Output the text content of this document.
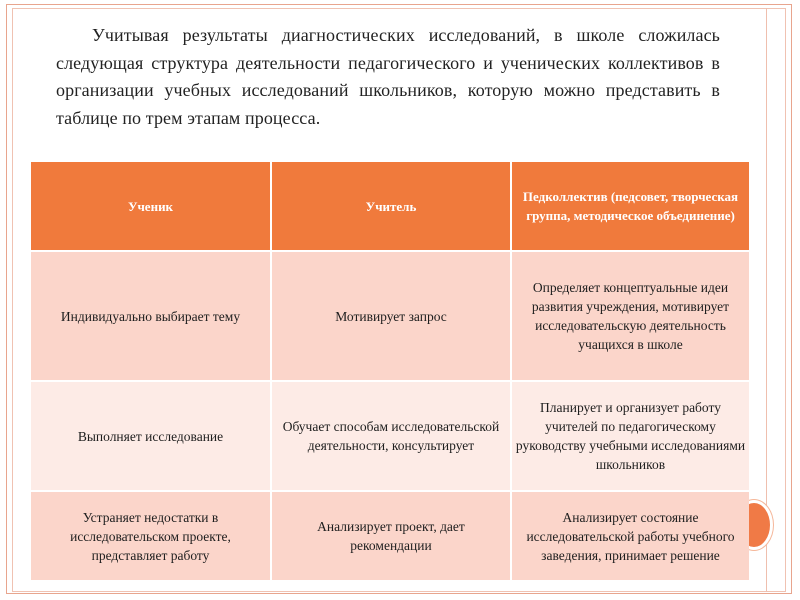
Учитывая результаты диагностических исследований, в школе сложилась следующая структура деятельности педагогического и ученических коллективов в организации учебных исследований школьников, которую можно представить в таблице по трем этапам процесса.

Ученик	Учитель	Педколлектив (педсовет, творческая группа, методическое объединение)
Индивидуально выбирает тему	Мотивирует запрос	Определяет концептуальные идеи развития учреждения, мотивирует исследовательскую деятельность учащихся в школе
Выполняет исследование	Обучает способам исследовательской деятельности, консультирует	Планирует и организует работу учителей по педагогическому руководству учебными исследованиями школьников
Устраняет недостатки в исследовательском проекте, представляет работу	Анализирует проект, дает рекомендации	Анализирует состояние исследовательской работы учебного заведения, принимает решение
